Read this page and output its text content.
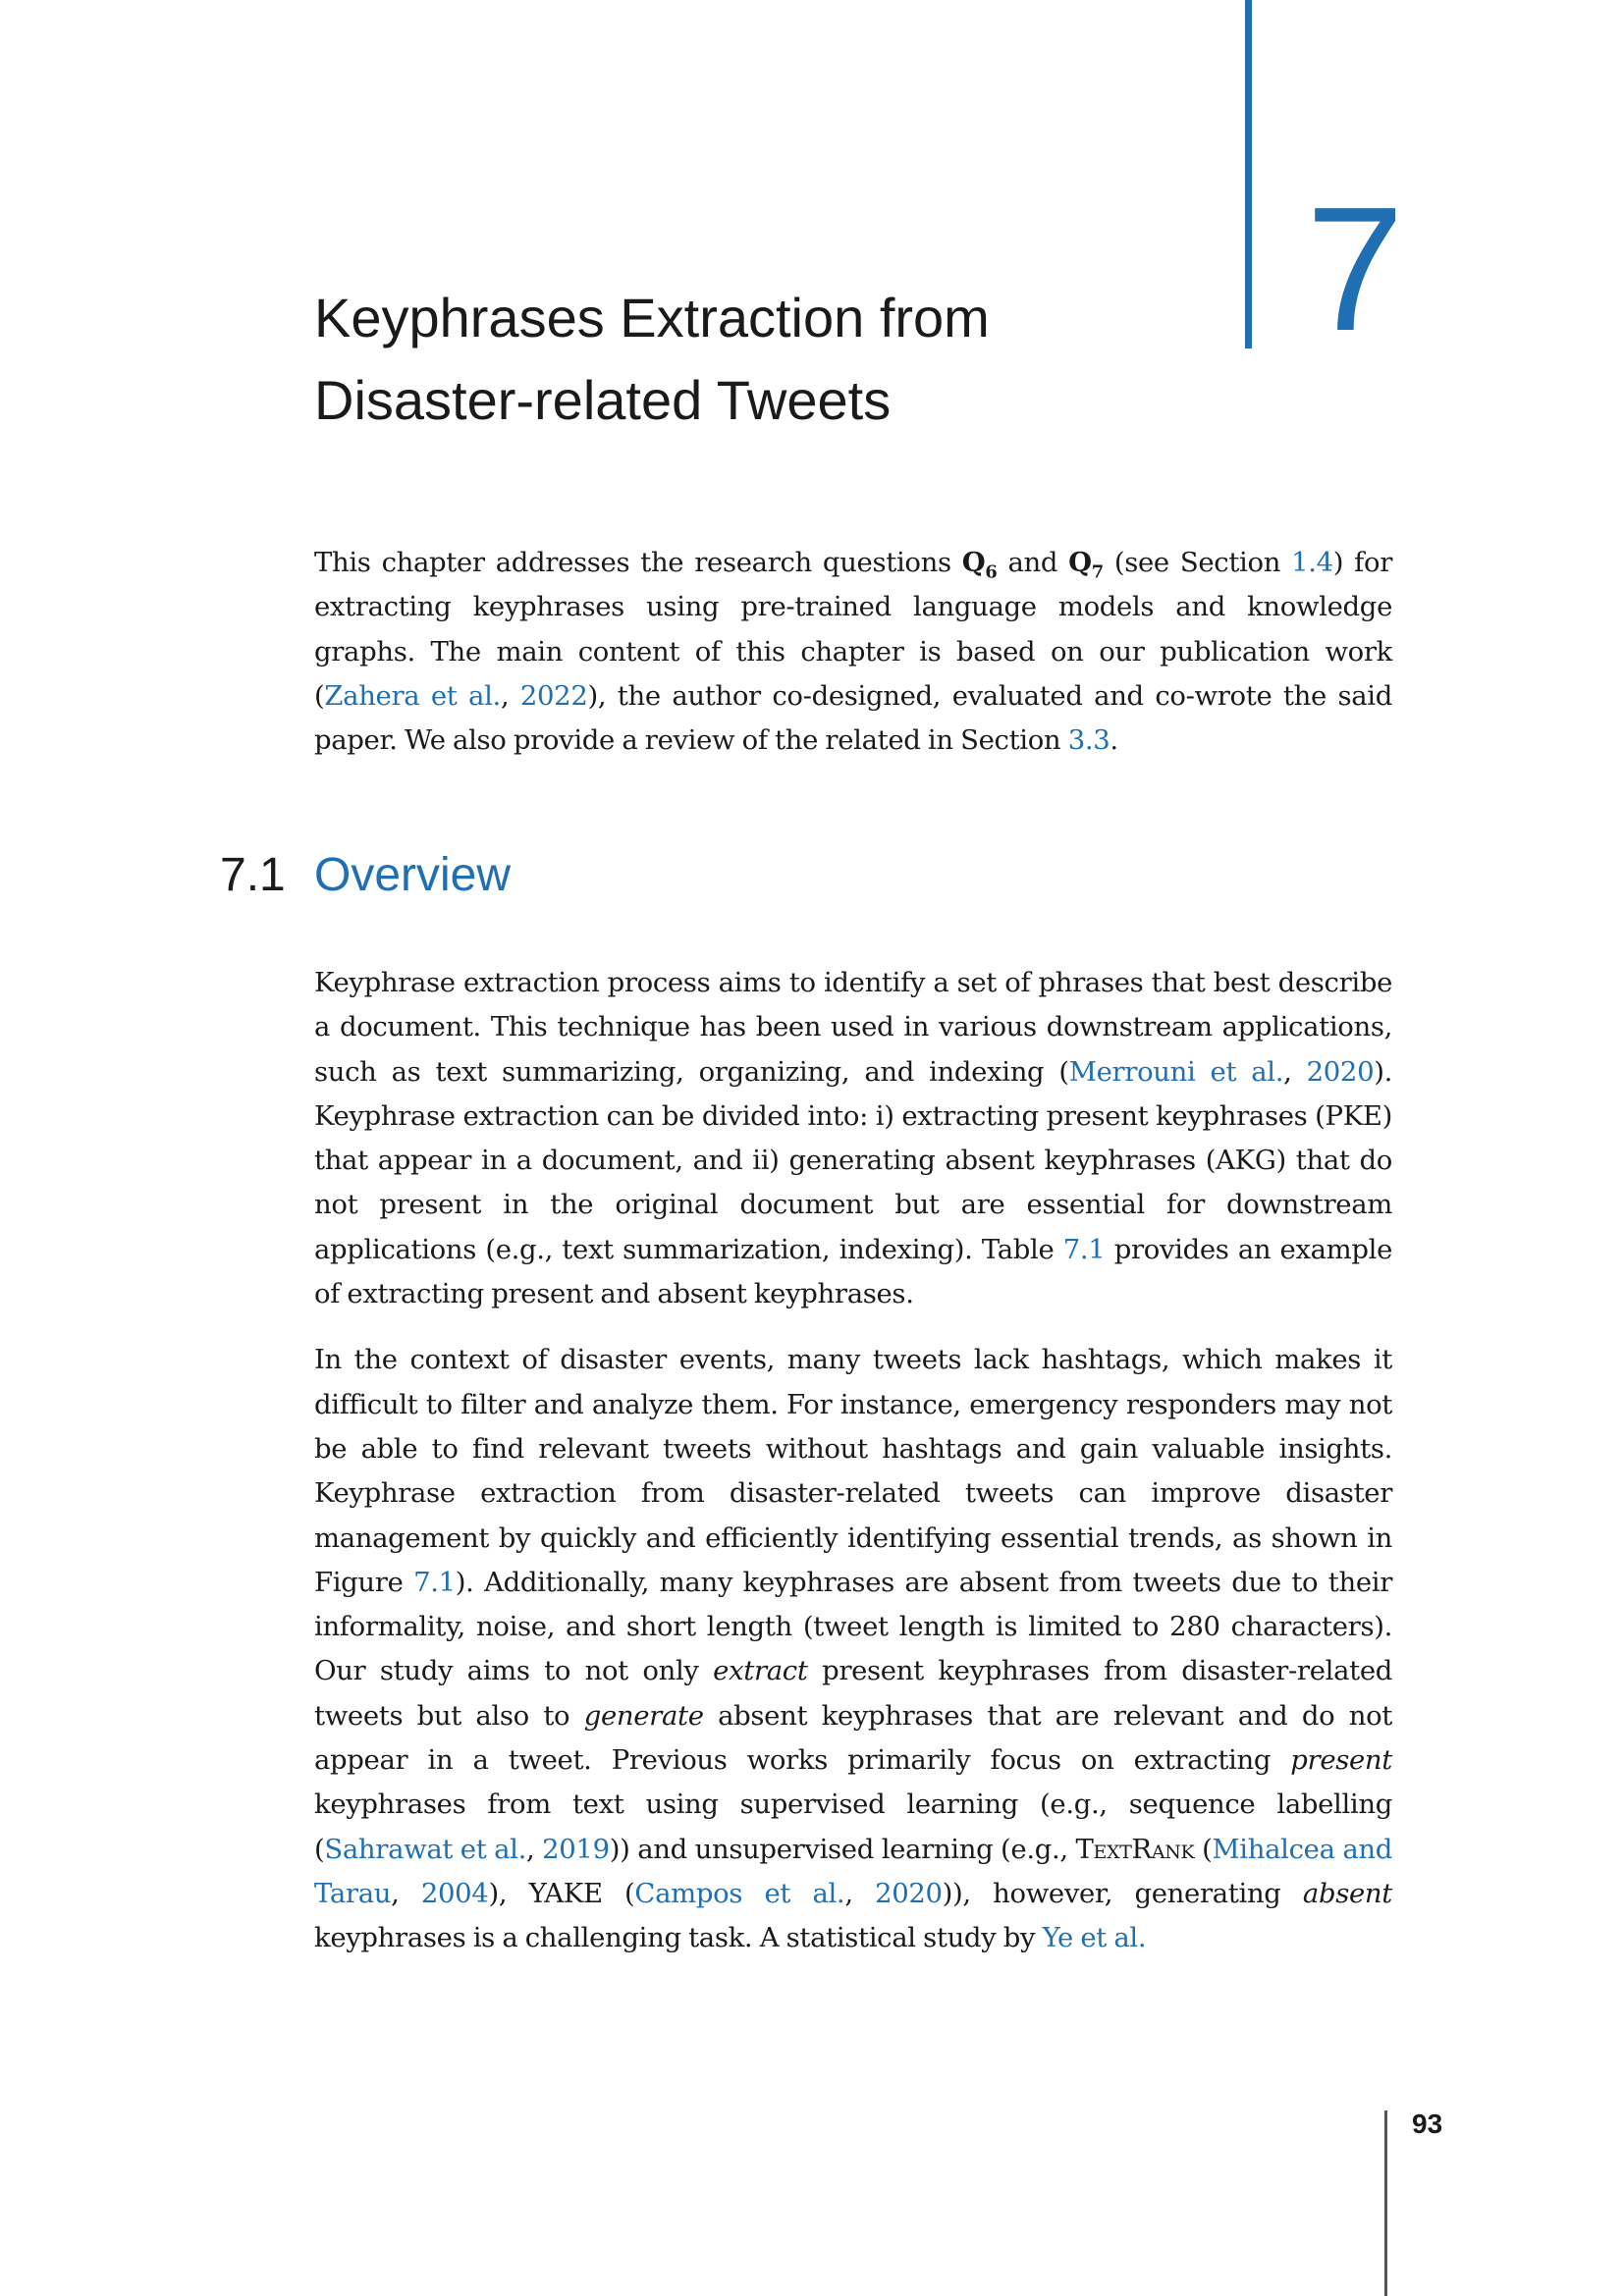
7
Keyphrases Extraction from
Disaster-related Tweets

This chapter addresses the research questions $Q_6$ and $Q_7$ (see Section 1.4) for extracting keyphrases using pre-trained language models and knowledge graphs. The main content of this chapter is based on our publication work (Zahera et al., 2022), the author co-designed, evaluated and co-wrote the said paper. We also provide a review of the related in Section 3.3.

7.1 Overview

Keyphrase extraction process aims to identify a set of phrases that best describe a document. This technique has been used in various downstream applications, such as text summarizing, organizing, and indexing (Merrouni et al., 2020). Keyphrase extraction can be divided into: i) extracting present keyphrases (PKE) that appear in a document, and ii) generating absent keyphrases (AKG) that do not present in the original document but are essential for downstream applications (e.g., text summarization, indexing). Table 7.1 provides an example of extracting present and absent keyphrases.

In the context of disaster events, many tweets lack hashtags, which makes it difficult to filter and analyze them. For instance, emergency responders may not be able to find relevant tweets without hashtags and gain valuable insights. Keyphrase extraction from disaster-related tweets can improve disaster management by quickly and efficiently identifying essential trends, as shown in Figure 7.1). Additionally, many keyphrases are absent from tweets due to their informality, noise, and short length (tweet length is limited to 280 characters). Our study aims to not only extract present keyphrases from disaster-related tweets but also to generate absent keyphrases that are relevant and do not appear in a tweet. Previous works primarily focus on extracting present keyphrases from text using supervised learning (e.g., sequence labelling (Sahrawat et al., 2019)) and unsupervised learning (e.g., TextRank (Mihalcea and Tarau, 2004), YAKE (Campos et al., 2020)), however, generating absent keyphrases is a challenging task. A statistical study by Ye et al.

93
